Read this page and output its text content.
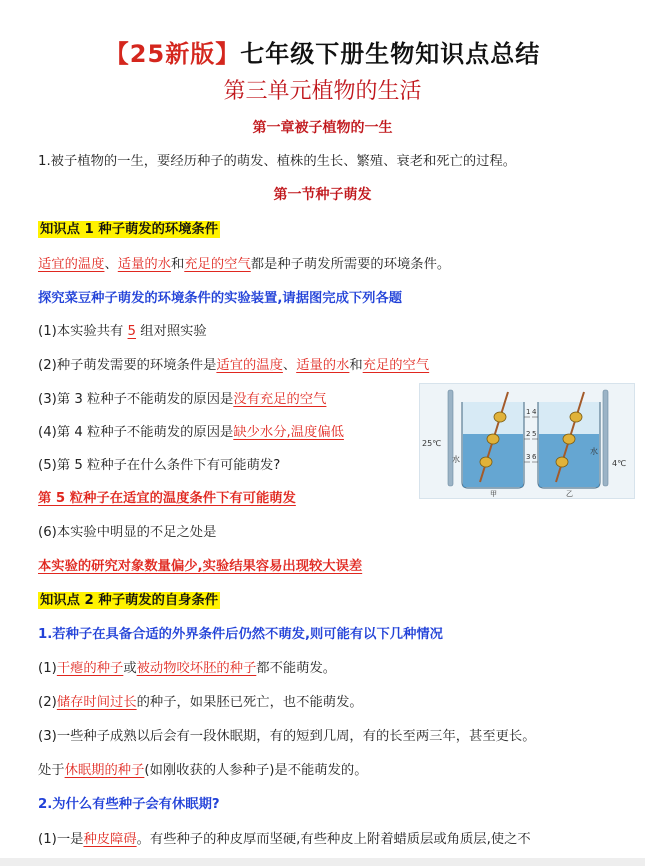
【25新版】七年级下册生物知识点总结
第三单元植物的生活
第一章被子植物的一生
1.被子植物的一生，要经历种子的萌发、植株的生长、繁殖、衰老和死亡的过程。
第一节种子萌发
知识点 1 种子萌发的环境条件
适宜的温度、适量的水和充足的空气都是种子萌发所需要的环境条件。
探究菜豆种子萌发的环境条件的实验装置,请据图完成下列各题
(1)本实验共有 5 组对照实验
(2)种子萌发需要的环境条件是适宜的温度、适量的水和充足的空气
(3)第 3 粒种子不能萌发的原因是没有充足的空气
(4)第 4 粒种子不能萌发的原因是缺少水分,温度偏低
(5)第 5 粒种子在什么条件下有可能萌发?
第 5 粒种子在适宜的温度条件下有可能萌发
(6)本实验中明显的不足之处是
本实验的研究对象数量偏少,实验结果容易出现较大误差
25℃
4℃
水
水
1
2
3
4
5
6
甲	乙
知识点 2 种子萌发的自身条件
1.若种子在具备合适的外界条件后仍然不萌发,则可能有以下几种情况
(1)干瘪的种子或被动物咬坏胚的种子都不能萌发。
(2)储存时间过长的种子，如果胚已死亡，也不能萌发。
(3)一些种子成熟以后会有一段休眠期，有的短到几周，有的长至两三年，甚至更长。
处于休眠期的种子(如刚收获的人参种子)是不能萌发的。
2.为什么有些种子会有休眠期?
(1)一是种皮障碍。有些种子的种皮厚而坚硬,有些种皮上附着蜡质层或角质层,使之不
